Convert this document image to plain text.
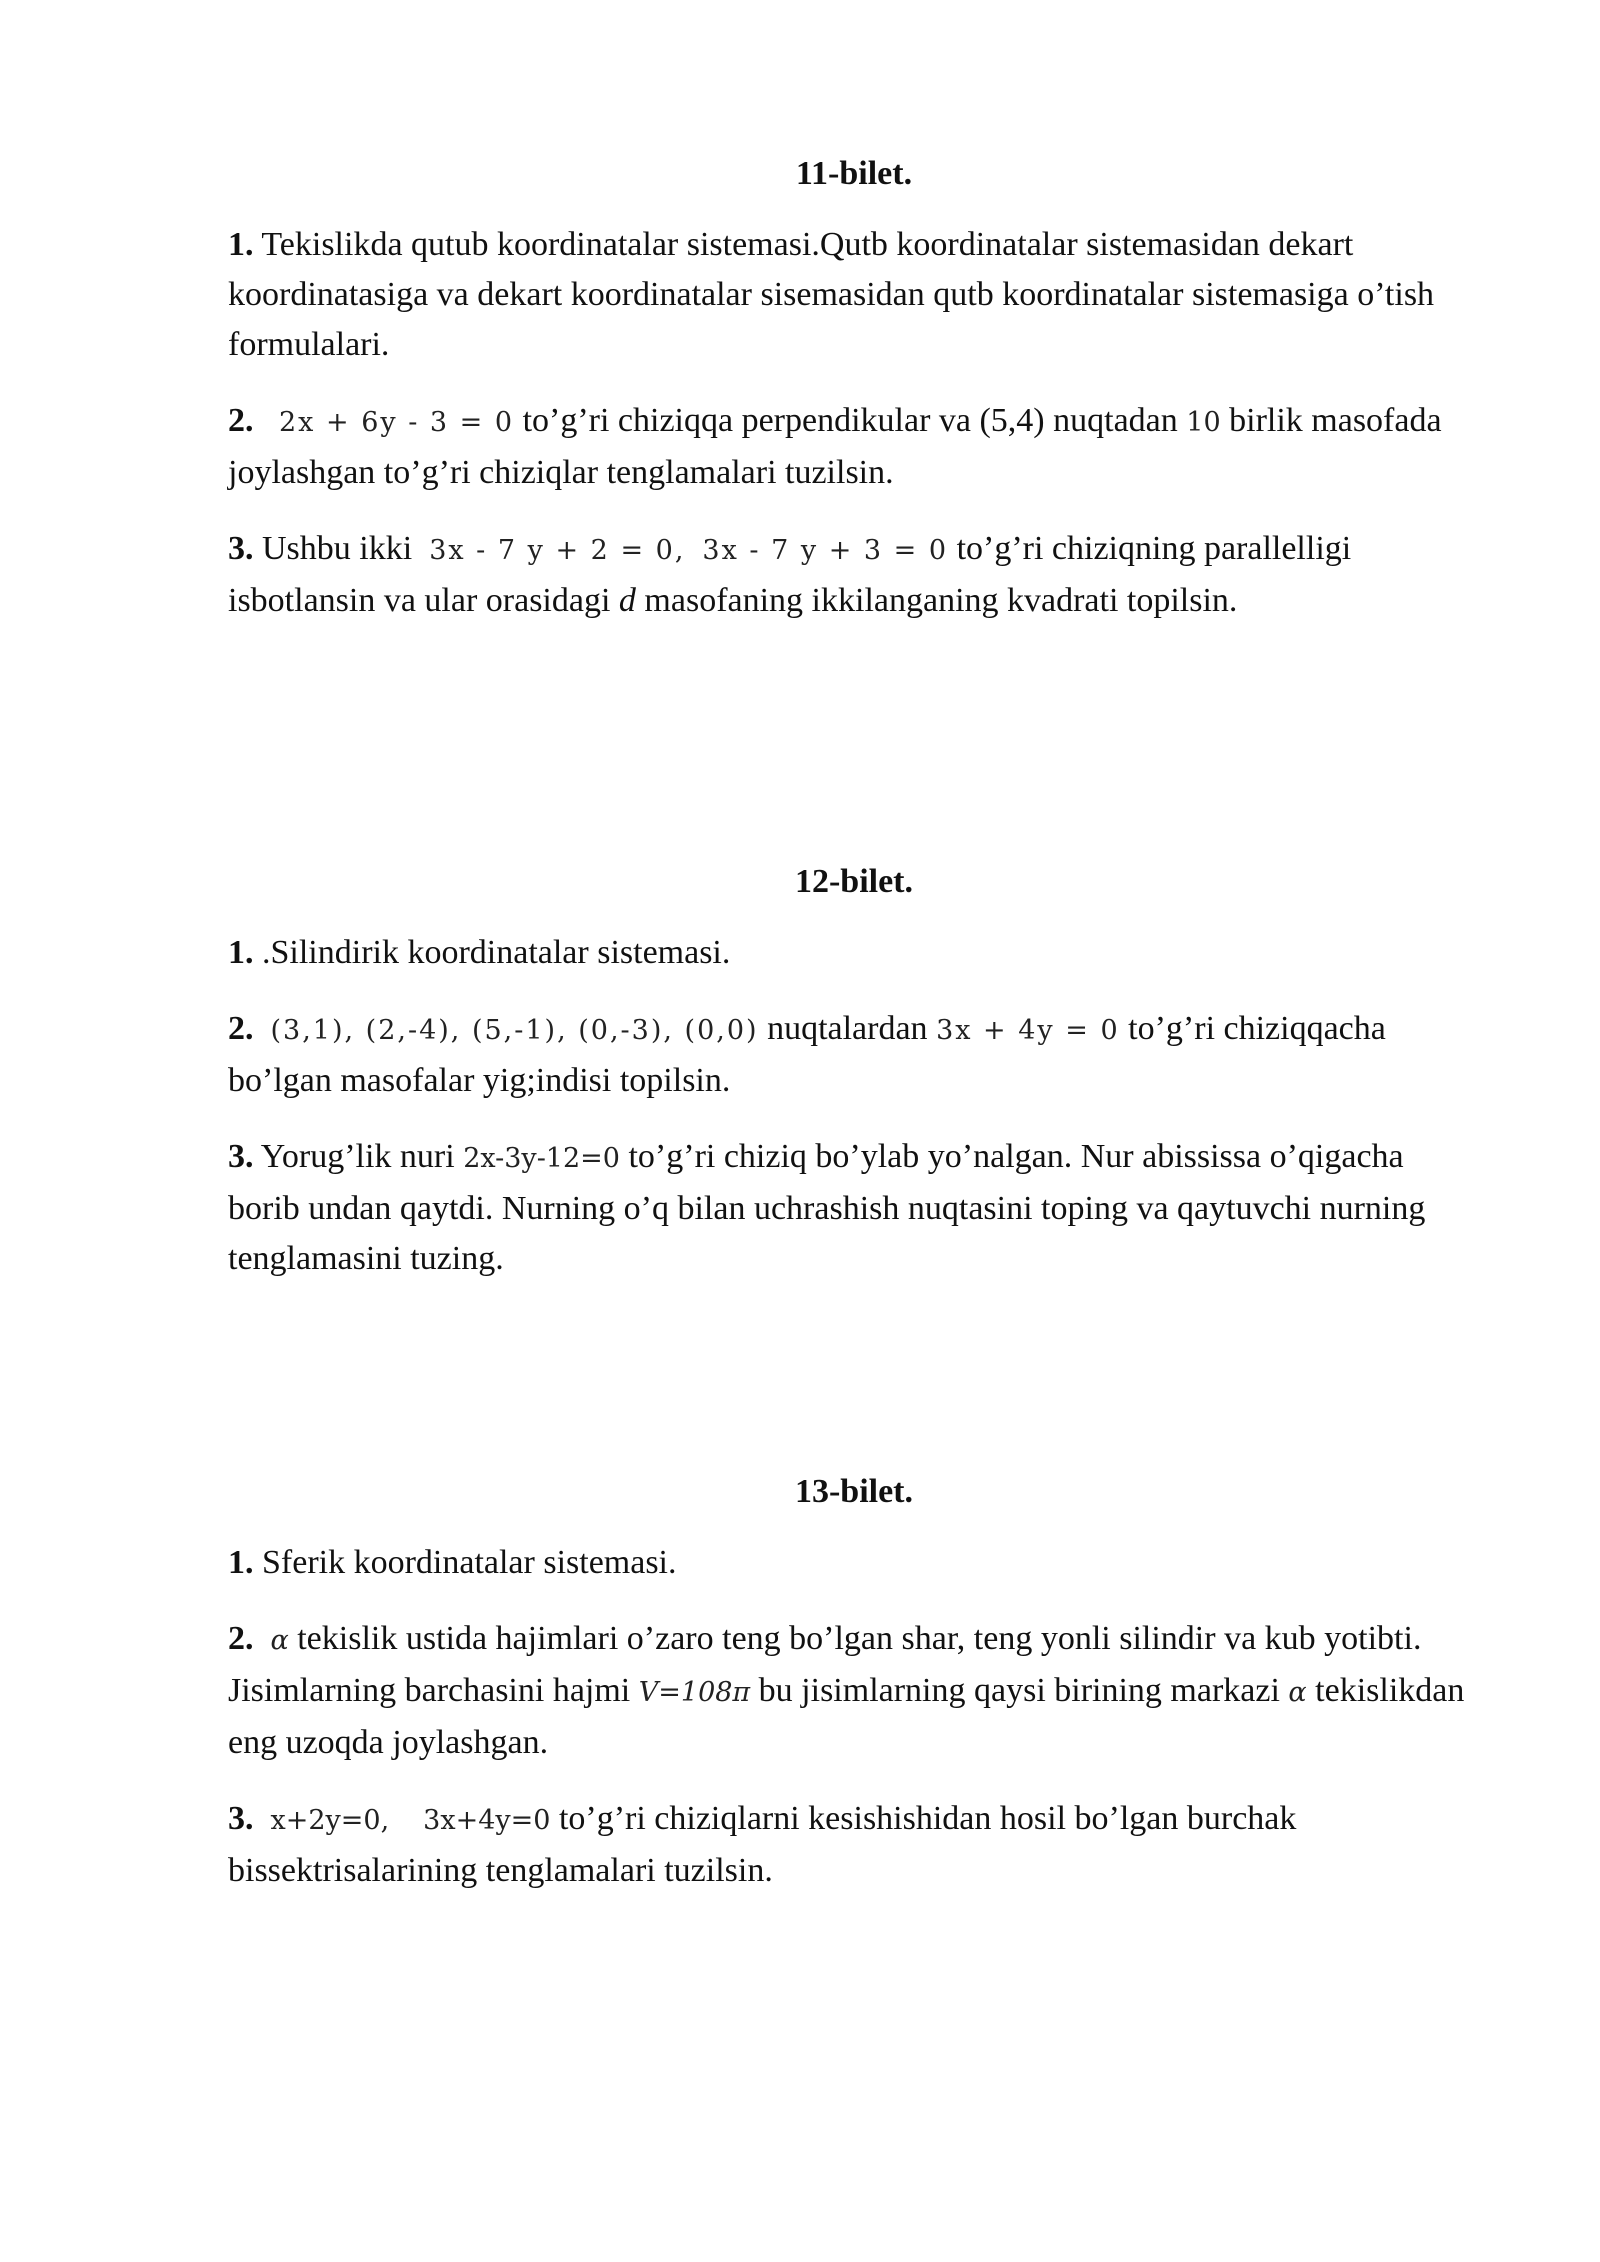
11-bilet.

1. Tekislikda qutub koordinatalar sistemasi.Qutb koordinatalar sistemasidan dekart koordinatasiga va dekart koordinatalar sisemasidan qutb koordinatalar sistemasiga o’tish formulalari.

2. 2x + 6y - 3 = 0 to’g’ri chiziqqa perpendikular va (5,4) nuqtadan 10 birlik masofada joylashgan to’g’ri chiziqlar tenglamalari tuzilsin.

3. Ushbu ikki  3x - 7 y + 2 = 0, 3x - 7 y + 3 = 0 to’g’ri chiziqning parallelligi isbotlansin va ular orasidagi d masofaning ikkilanganing kvadrati topilsin.

12-bilet.

1. .Silindirik koordinatalar sistemasi.

2. (3,1), (2,-4), (5,-1), (0,-3), (0,0) nuqtalardan 3x + 4y = 0 to’g’ri chiziqqacha bo’lgan masofalar yig;indisi topilsin.

3. Yorug’lik nuri 2x-3y-12=0 to’g’ri chiziq bo’ylab yo’nalgan. Nur abississa o’qigacha borib undan qaytdi. Nurning o’q bilan uchrashish nuqtasini toping va qaytuvchi nurning tenglamasini tuzing.

13-bilet.

1. Sferik koordinatalar sistemasi.

2. α tekislik ustida hajimlari o’zaro teng bo’lgan shar, teng yonli silindir va kub yotibti. Jisimlarning barchasini hajmi V=108π bu jisimlarning qaysi birining markazi α tekislikdan eng uzoqda joylashgan.

3. x+2y=0, 3x+4y=0 to’g’ri chiziqlarni kesishishidan hosil bo’lgan burchak bissektrisalarining tenglamalari tuzilsin.
